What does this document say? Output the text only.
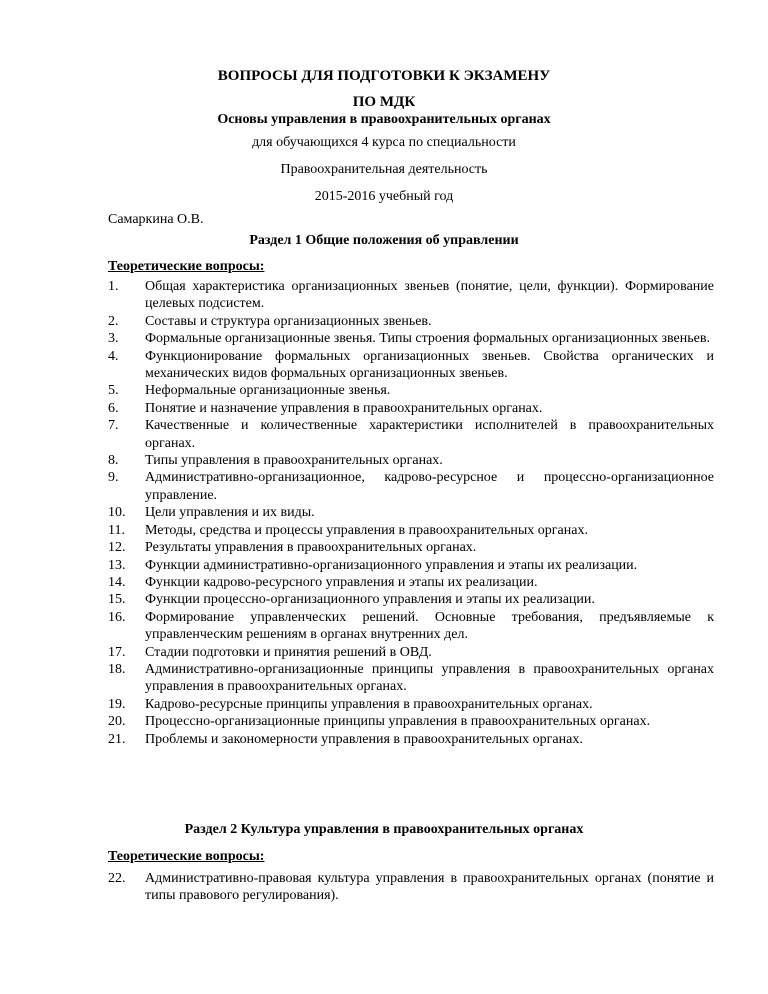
ВОПРОСЫ ДЛЯ ПОДГОТОВКИ К ЭКЗАМЕНУ
ПО МДК
Основы управления в правоохранительных органах
для обучающихся 4 курса по специальности
Правоохранительная деятельность
2015-2016 учебный год
Самаркина О.В.
Раздел 1 Общие положения об управлении
Теоретические вопросы:
1.	Общая характеристика организационных звеньев (понятие, цели, функции). Формирование целевых подсистем.
2.	Составы и структура организационных звеньев.
3.	Формальные организационные звенья. Типы строения формальных организационных звеньев.
4.	Функционирование формальных организационных звеньев. Свойства органических и механических видов формальных организационных звеньев.
5.	Неформальные организационные звенья.
6.	Понятие и назначение управления в правоохранительных органах.
7.	Качественные и количественные характеристики исполнителей в правоохранительных органах.
8.	Типы управления в правоохранительных органах.
9.	Административно-организационное, кадрово-ресурсное и процессно-организационное управление.
10.	Цели управления и их виды.
11.	Методы, средства и процессы управления в правоохранительных органах.
12.	Результаты управления в правоохранительных органах.
13.	Функции административно-организационного управления и этапы их реализации.
14.	Функции кадрово-ресурсного управления и этапы их реализации.
15.	Функции процессно-организационного управления и этапы их реализации.
16.	Формирование управленческих решений. Основные требования, предъявляемые к управленческим решениям в органах внутренних дел.
17.	Стадии подготовки и принятия решений в ОВД.
18.	Административно-организационные принципы управления в правоохранительных органах управления в правоохранительных органах.
19.	Кадрово-ресурсные принципы управления в правоохранительных органах.
20.	Процессно-организационные принципы управления в правоохранительных органах.
21.	Проблемы и закономерности управления в правоохранительных органах.
Раздел 2 Культура управления в правоохранительных органах
Теоретические вопросы:
22.	Административно-правовая культура управления в правоохранительных органах (понятие и типы правового регулирования).
